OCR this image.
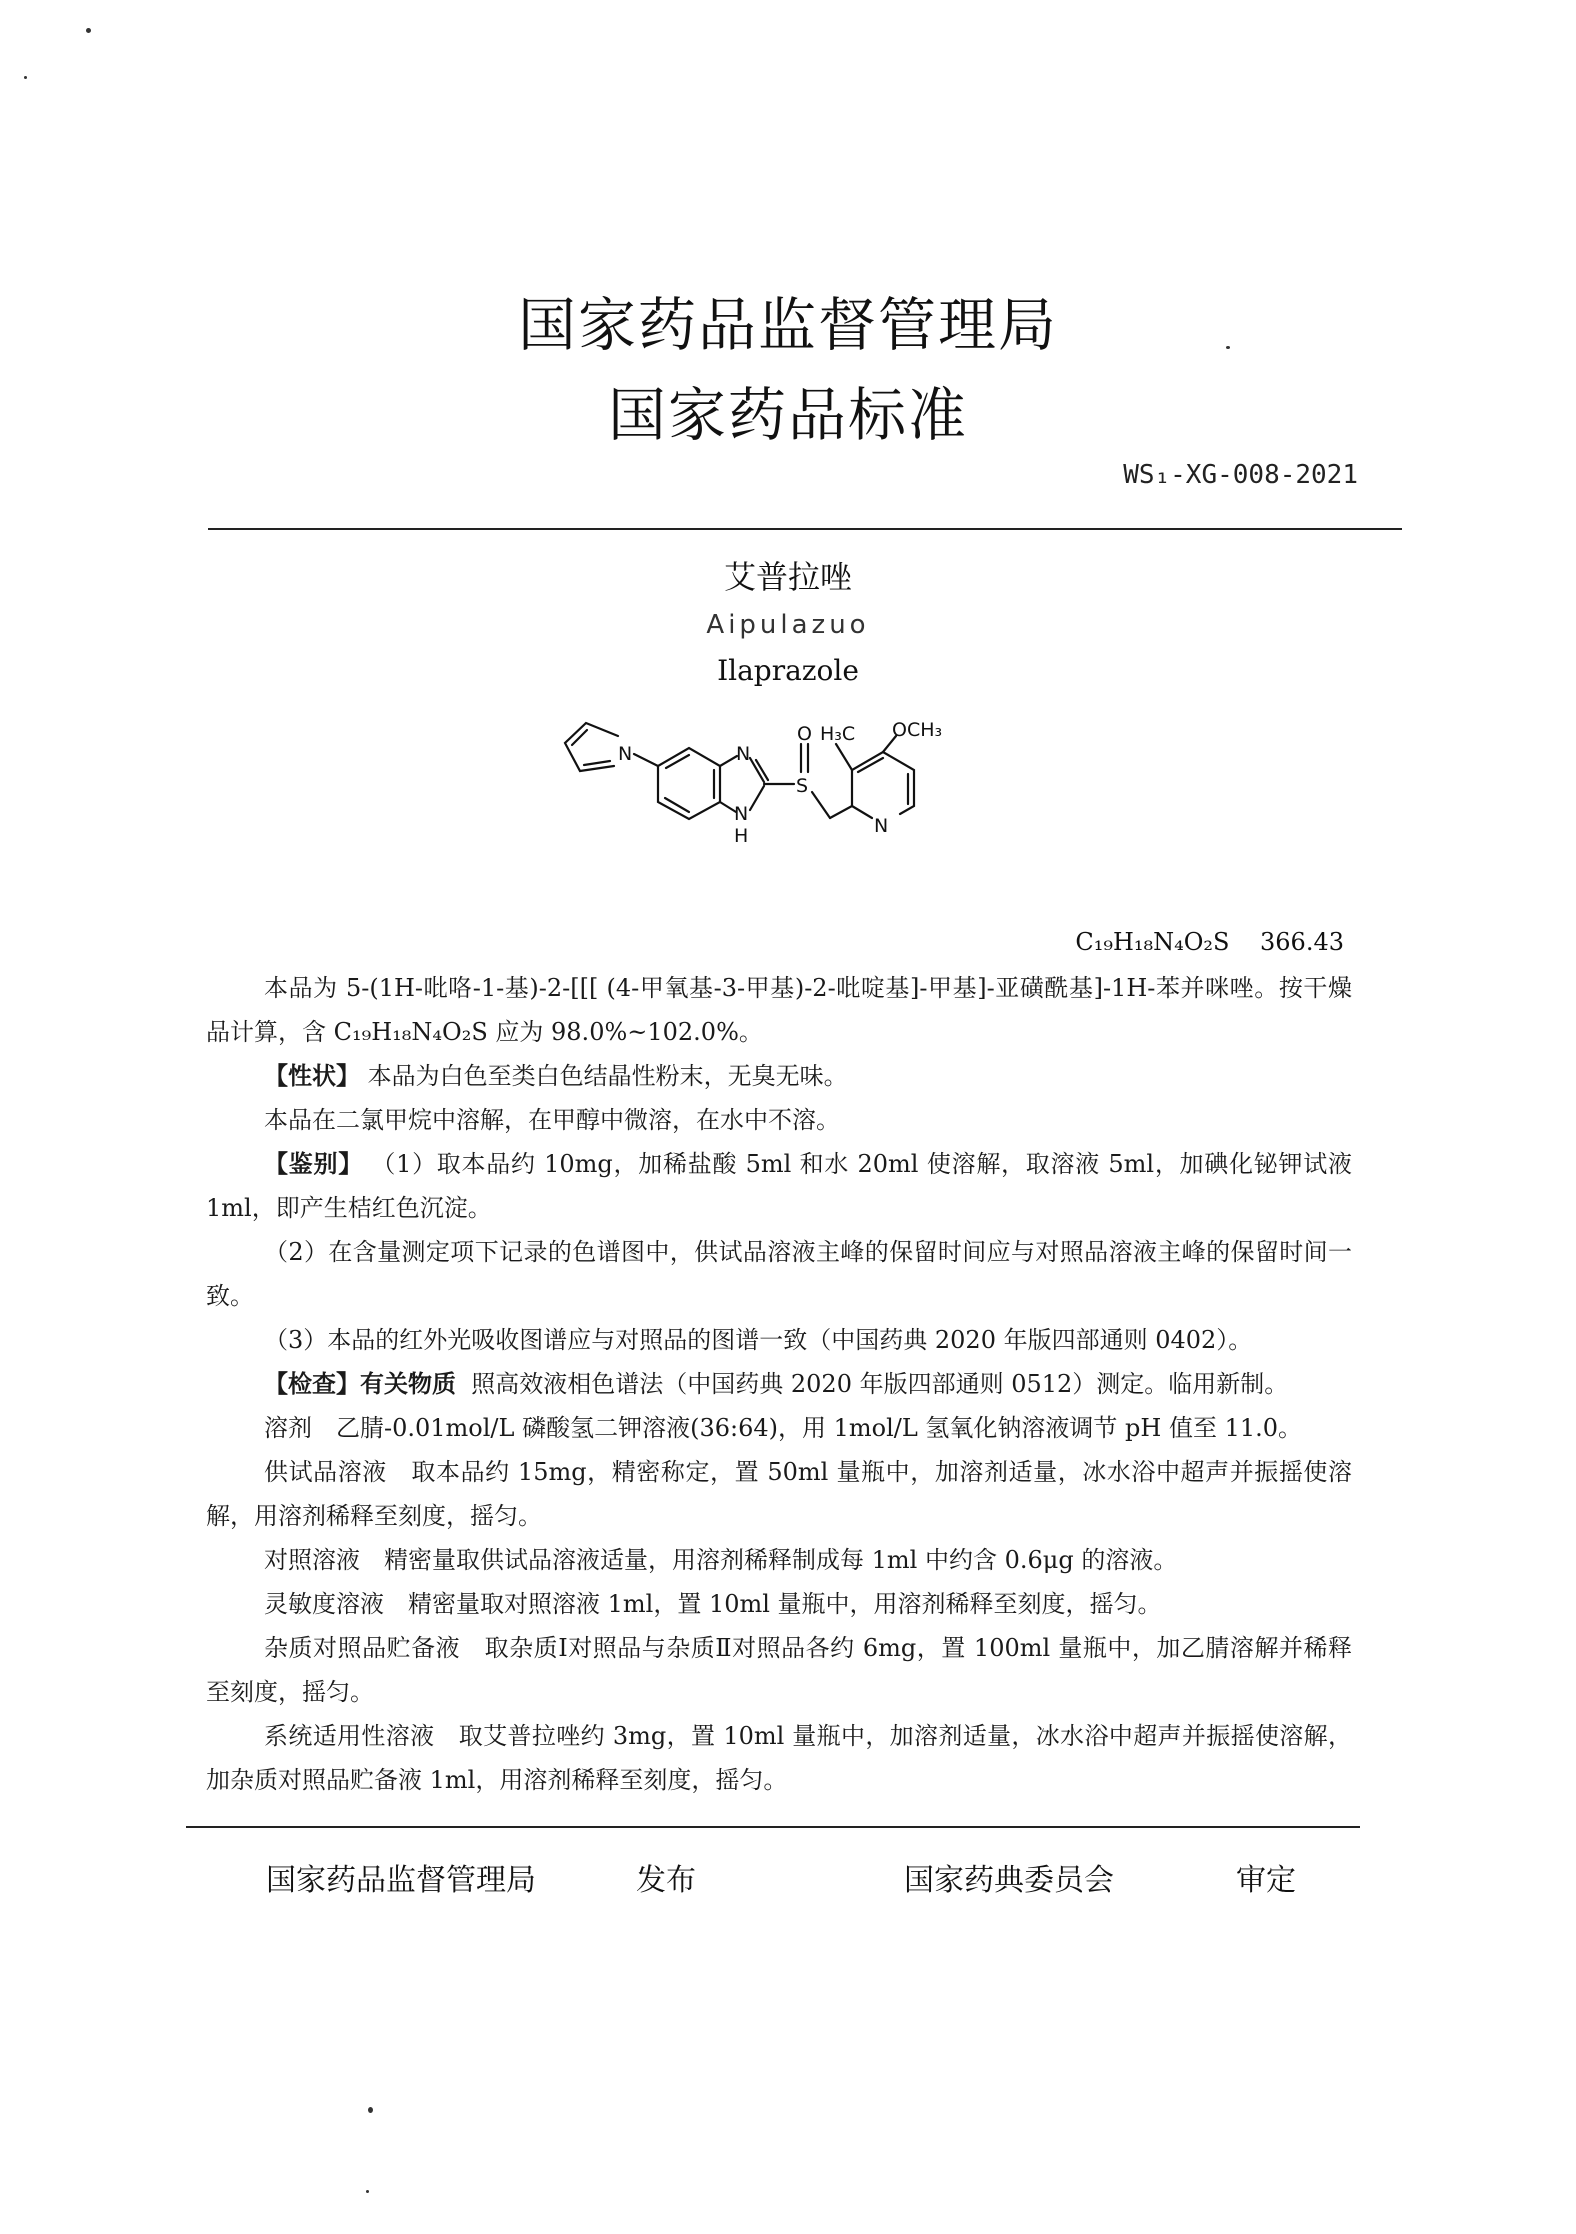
国家药品监督管理局
国家药品标准
WS₁-XG-008-2021
艾普拉唑
Aipulazuo
Ilaprazole
N	N
N
H
O
S
H₃C OCH₃
N
C₁₉H₁₈N₄O₂S 366.43

本品为 5-(1H-吡咯-1-基)-2-[[[ (4-甲氧基-3-甲基)-2-吡啶基]-甲基]-亚磺酰基]-1H-苯并咪唑。按干燥品计算，含 C₁₉H₁₈N₄O₂S 应为 98.0%~102.0%。

【性状】 本品为白色至类白色结晶性粉末，无臭无味。

本品在二氯甲烷中溶解，在甲醇中微溶，在水中不溶。

【鉴别】 （1）取本品约 10mg，加稀盐酸 5ml 和水 20ml 使溶解，取溶液 5ml，加碘化铋钾试液 1ml，即产生桔红色沉淀。

（2）在含量测定项下记录的色谱图中，供试品溶液主峰的保留时间应与对照品溶液主峰的保留时间一致。

（3）本品的红外光吸收图谱应与对照品的图谱一致（中国药典 2020 年版四部通则 0402）。

【检查】有关物质 照高效液相色谱法（中国药典 2020 年版四部通则 0512）测定。临用新制。

溶剂　乙腈-0.01mol/L 磷酸氢二钾溶液(36:64)，用 1mol/L 氢氧化钠溶液调节 pH 值至 11.0。

供试品溶液　取本品约 15mg，精密称定，置 50ml 量瓶中，加溶剂适量，冰水浴中超声并振摇使溶解，用溶剂稀释至刻度，摇匀。

对照溶液　精密量取供试品溶液适量，用溶剂稀释制成每 1ml 中约含 0.6μg 的溶液。

灵敏度溶液　精密量取对照溶液 1ml，置 10ml 量瓶中，用溶剂稀释至刻度，摇匀。

杂质对照品贮备液　取杂质Ⅰ对照品与杂质Ⅱ对照品各约 6mg，置 100ml 量瓶中，加乙腈溶解并稀释至刻度，摇匀。

系统适用性溶液　取艾普拉唑约 3mg，置 10ml 量瓶中，加溶剂适量，冰水浴中超声并振摇使溶解，加杂质对照品贮备液 1ml，用溶剂稀释至刻度，摇匀。

国家药品监督管理局	发布	国家药典委员会	审定
